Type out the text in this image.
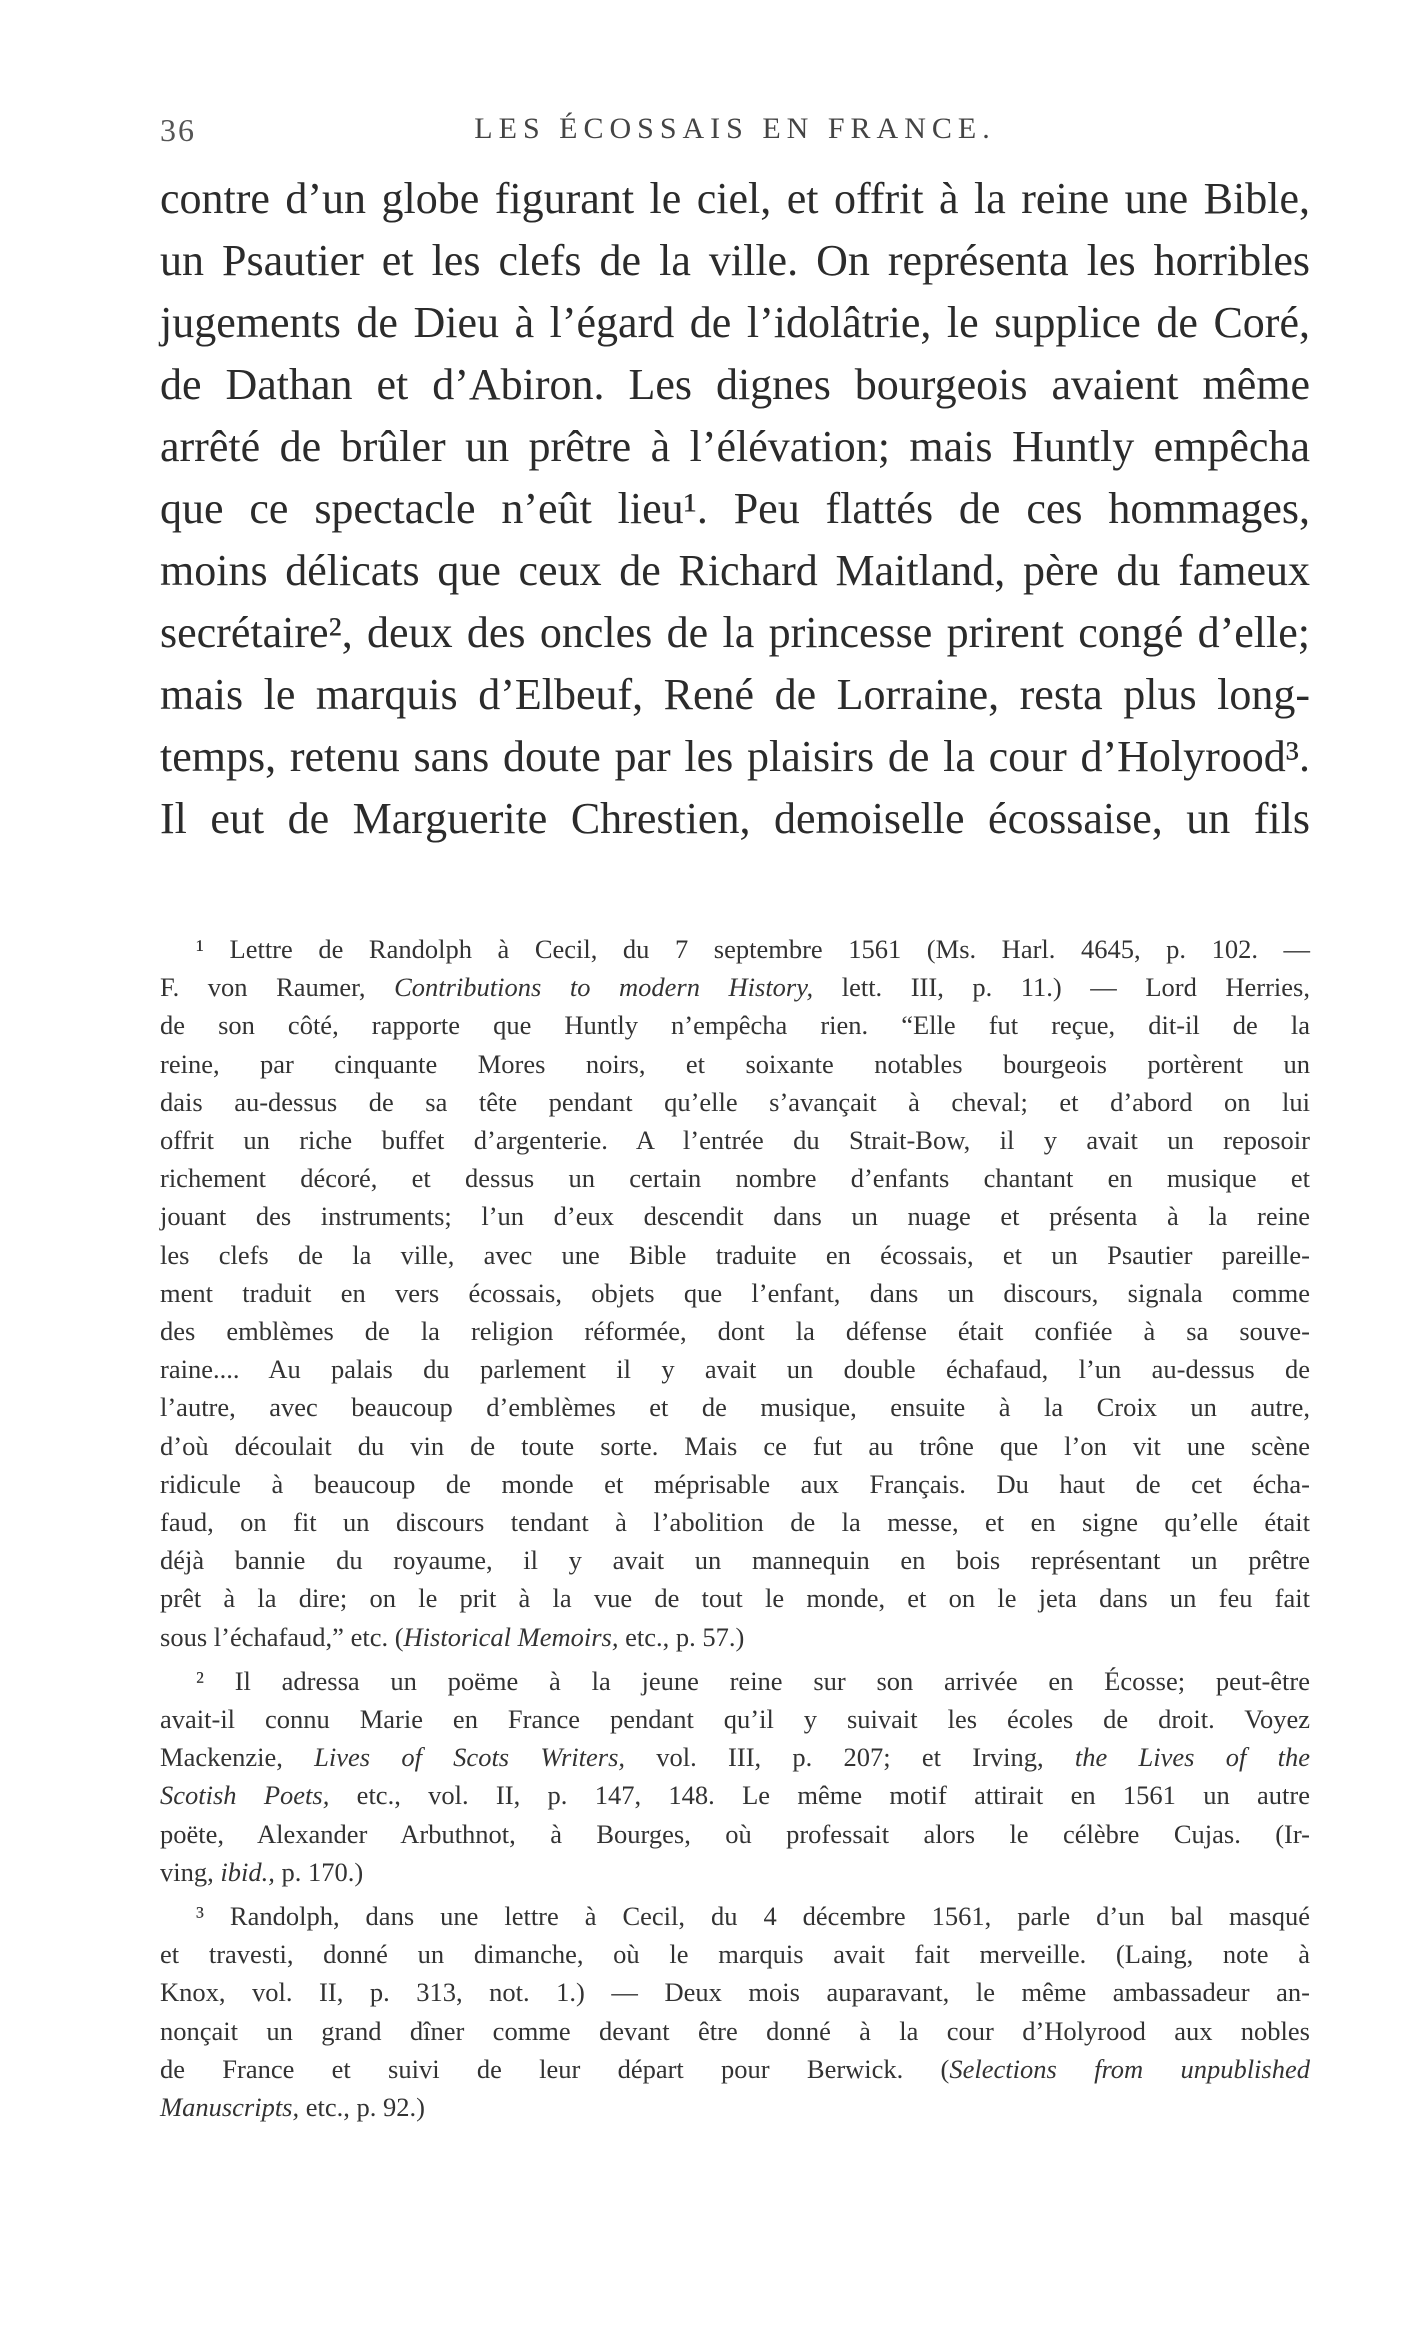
36	LES ÉCOSSAIS EN FRANCE.
contre d’un globe figurant le ciel, et offrit à la reine une Bible,
un Psautier et les clefs de la ville. On représenta les horribles
jugements de Dieu à l’égard de l’idolâtrie, le supplice de Coré,
de Dathan et d’Abiron. Les dignes bourgeois avaient même
arrêté de brûler un prêtre à l’élévation; mais Huntly empêcha
que ce spectacle n’eût lieu¹. Peu flattés de ces hommages,
moins délicats que ceux de Richard Maitland, père du fameux
secrétaire², deux des oncles de la princesse prirent congé d’elle;
mais le marquis d’Elbeuf, René de Lorraine, resta plus long-
temps, retenu sans doute par les plaisirs de la cour d’Holyrood³.
Il eut de Marguerite Chrestien, demoiselle écossaise, un fils
¹ Lettre de Randolph à Cecil, du 7 septembre 1561 (Ms. Harl. 4645, p. 102. —
F. von Raumer, Contributions to modern History, lett. III, p. 11.) — Lord Herries,
de son côté, rapporte que Huntly n’empêcha rien. “Elle fut reçue, dit-il de la
reine, par cinquante Mores noirs, et soixante notables bourgeois portèrent un
dais au-dessus de sa tête pendant qu’elle s’avançait à cheval; et d’abord on lui
offrit un riche buffet d’argenterie. A l’entrée du Strait-Bow, il y avait un reposoir
richement décoré, et dessus un certain nombre d’enfants chantant en musique et
jouant des instruments; l’un d’eux descendit dans un nuage et présenta à la reine
les clefs de la ville, avec une Bible traduite en écossais, et un Psautier pareille-
ment traduit en vers écossais, objets que l’enfant, dans un discours, signala comme
des emblèmes de la religion réformée, dont la défense était confiée à sa souve-
raine.... Au palais du parlement il y avait un double échafaud, l’un au-dessus de
l’autre, avec beaucoup d’emblèmes et de musique, ensuite à la Croix un autre,
d’où découlait du vin de toute sorte. Mais ce fut au trône que l’on vit une scène
ridicule à beaucoup de monde et méprisable aux Français. Du haut de cet écha-
faud, on fit un discours tendant à l’abolition de la messe, et en signe qu’elle était
déjà bannie du royaume, il y avait un mannequin en bois représentant un prêtre
prêt à la dire; on le prit à la vue de tout le monde, et on le jeta dans un feu fait
sous l’échafaud,” etc. (Historical Memoirs, etc., p. 57.)
² Il adressa un poëme à la jeune reine sur son arrivée en Écosse; peut-être
avait-il connu Marie en France pendant qu’il y suivait les écoles de droit. Voyez
Mackenzie, Lives of Scots Writers, vol. III, p. 207; et Irving, the Lives of the
Scotish Poets, etc., vol. II, p. 147, 148. Le même motif attirait en 1561 un autre
poëte, Alexander Arbuthnot, à Bourges, où professait alors le célèbre Cujas. (Ir-
ving, ibid., p. 170.)
³ Randolph, dans une lettre à Cecil, du 4 décembre 1561, parle d’un bal masqué
et travesti, donné un dimanche, où le marquis avait fait merveille. (Laing, note à
Knox, vol. II, p. 313, not. 1.) — Deux mois auparavant, le même ambassadeur an-
nonçait un grand dîner comme devant être donné à la cour d’Holyrood aux nobles
de France et suivi de leur départ pour Berwick. (Selections from unpublished
Manuscripts, etc., p. 92.)
